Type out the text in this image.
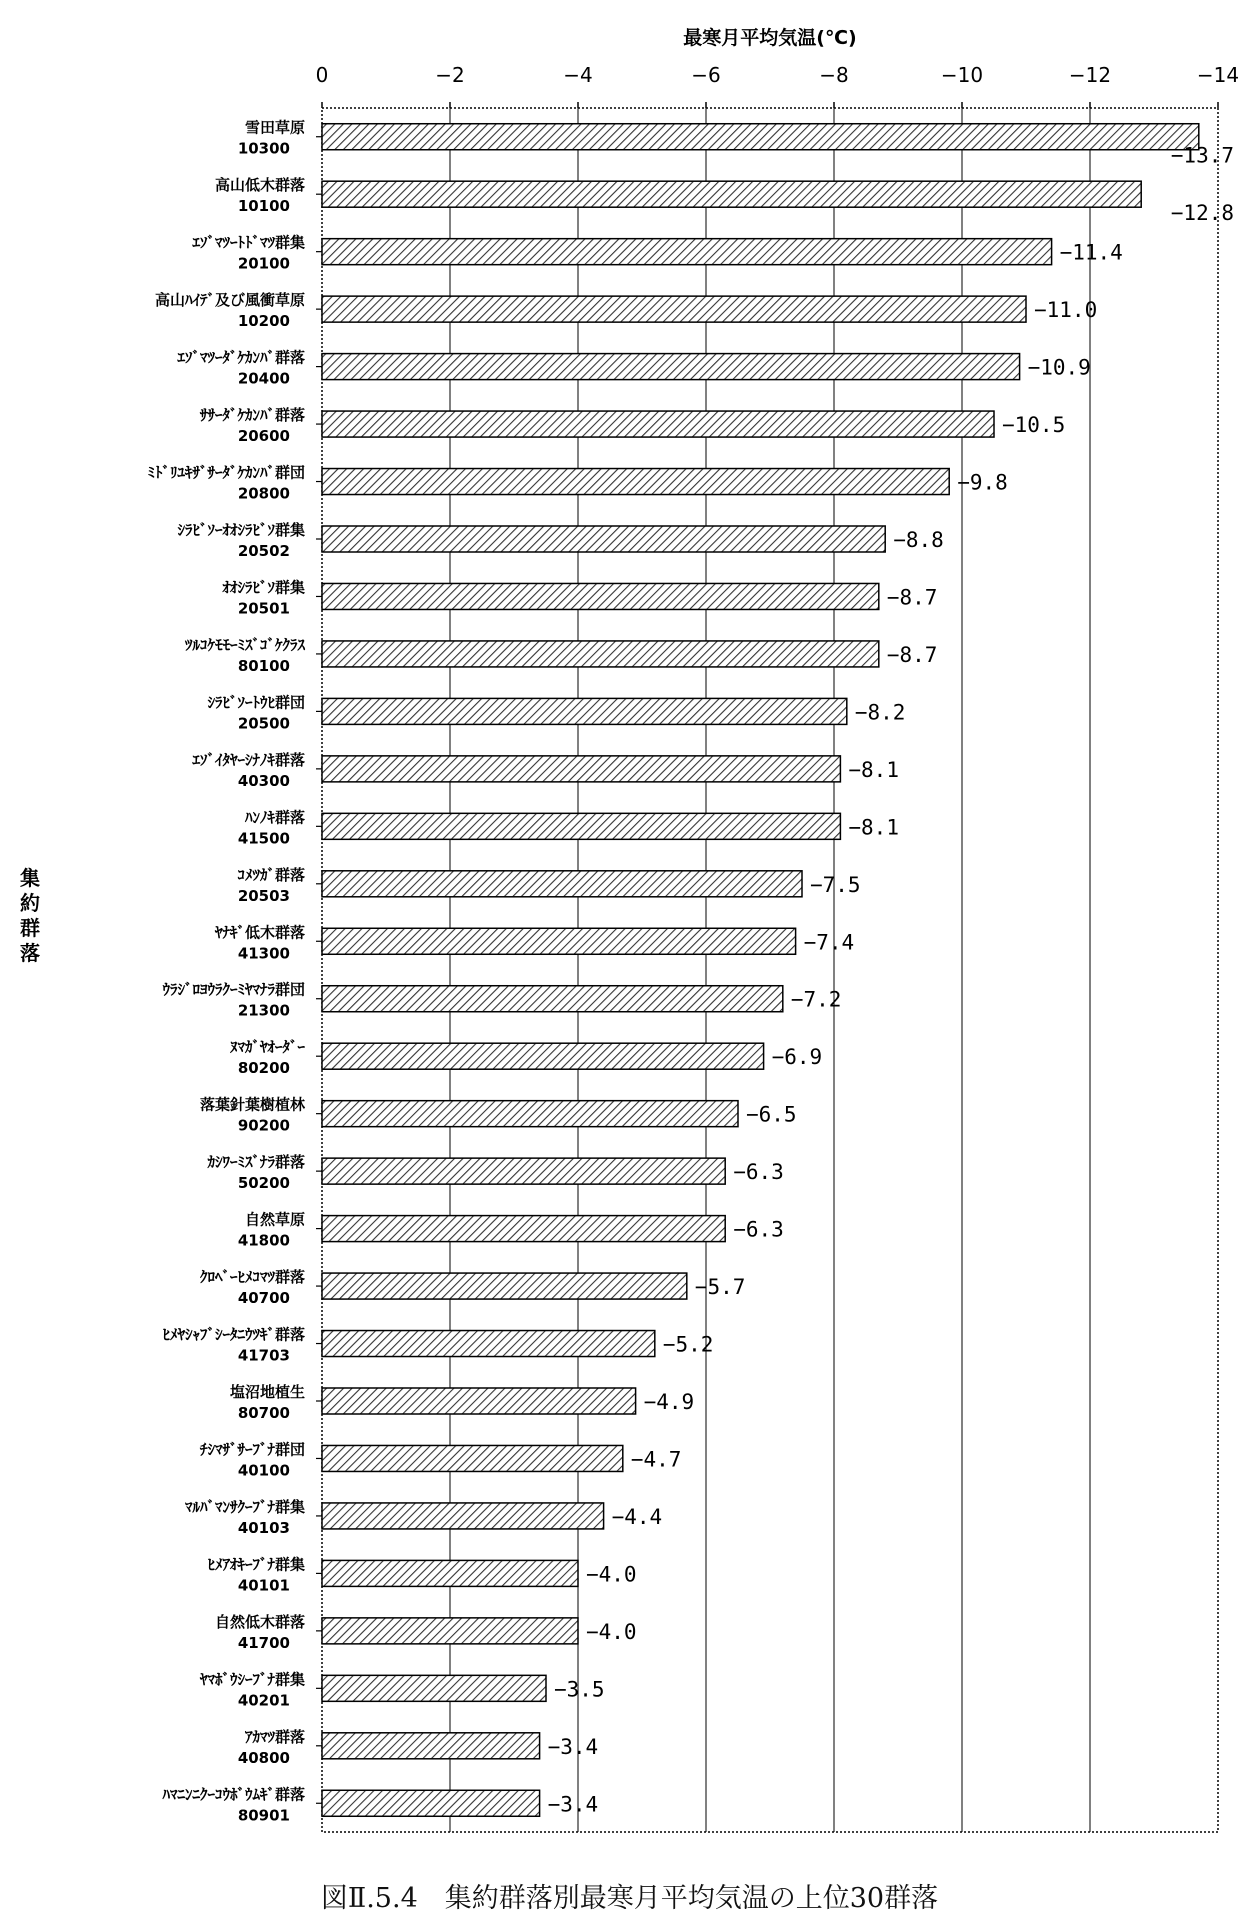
0	−2	−4	−6	−8	−10	−12	−14
雪田草原
10300
高山低木群落
10100
ｴｿﾞﾏﾂｰﾄﾄﾞﾏﾂ群集
20100
高山ﾊｲﾃﾞ及び風衝草原
10200
ｴｿﾞﾏﾂｰﾀﾞｹｶﾝﾊﾞ群落
20400
ｻｻｰﾀﾞｹｶﾝﾊﾞ群落
20600
ﾐﾄﾞﾘﾕｷｻﾞｻｰﾀﾞｹｶﾝﾊﾞ群団
20800
ｼﾗﾋﾞｿｰｵｵｼﾗﾋﾞｿ群集
20502
ｵｵｼﾗﾋﾞｿ群集
20501
ﾂﾙｺｹﾓﾓｰﾐｽﾞｺﾞｹｸﾗｽ
80100
ｼﾗﾋﾞｿｰﾄｳﾋ群団
20500
ｴｿﾞｲﾀﾔｰｼﾅﾉｷ群落
40300
ﾊﾝﾉｷ群落
41500
ｺﾒﾂｶﾞ群落
20503
ﾔﾅｷﾞ低木群落
41300
ｳﾗｼﾞﾛﾖｳﾗｸｰﾐﾔﾏﾅﾗ群団
21300
ﾇﾏｶﾞﾔｵｰﾀﾞｰ
80200
落葉針葉樹植林
90200
ｶｼﾜｰﾐｽﾞﾅﾗ群落
50200
自然草原
41800
ｸﾛﾍﾞｰﾋﾒｺﾏﾂ群落
40700
ﾋﾒﾔｼｬﾌﾞｼｰﾀﾆｳﾂｷﾞ群落
41703
塩沼地植生
80700
ﾁｼﾏｻﾞｻｰﾌﾞﾅ群団
40100
ﾏﾙﾊﾞﾏﾝｻｸｰﾌﾞﾅ群集
40103
ﾋﾒｱｵｷｰﾌﾞﾅ群集
40101
自然低木群落
41700
ﾔﾏﾎﾞｳｼｰﾌﾞﾅ群集
40201
ｱｶﾏﾂ群落
40800
ﾊﾏﾆﾝﾆｸｰｺｳﾎﾞｳﾑｷﾞ群落
80901
−13.7
−12.8
−11.4
−11.0
−10.9
−10.5
−9.8
−8.8
−8.7
−8.7
−8.2
−8.1
−8.1
−7.5
−7.4
−7.2
−6.9
−6.5
−6.3
−6.3
−5.7
−5.2
−4.9
−4.7
−4.4
−4.0
−4.0
−3.5
−3.4
−3.4
最寒月平均気温(℃)
集約群落
図Ⅱ.5.4　集約群落別最寒月平均気温の上位30群落
